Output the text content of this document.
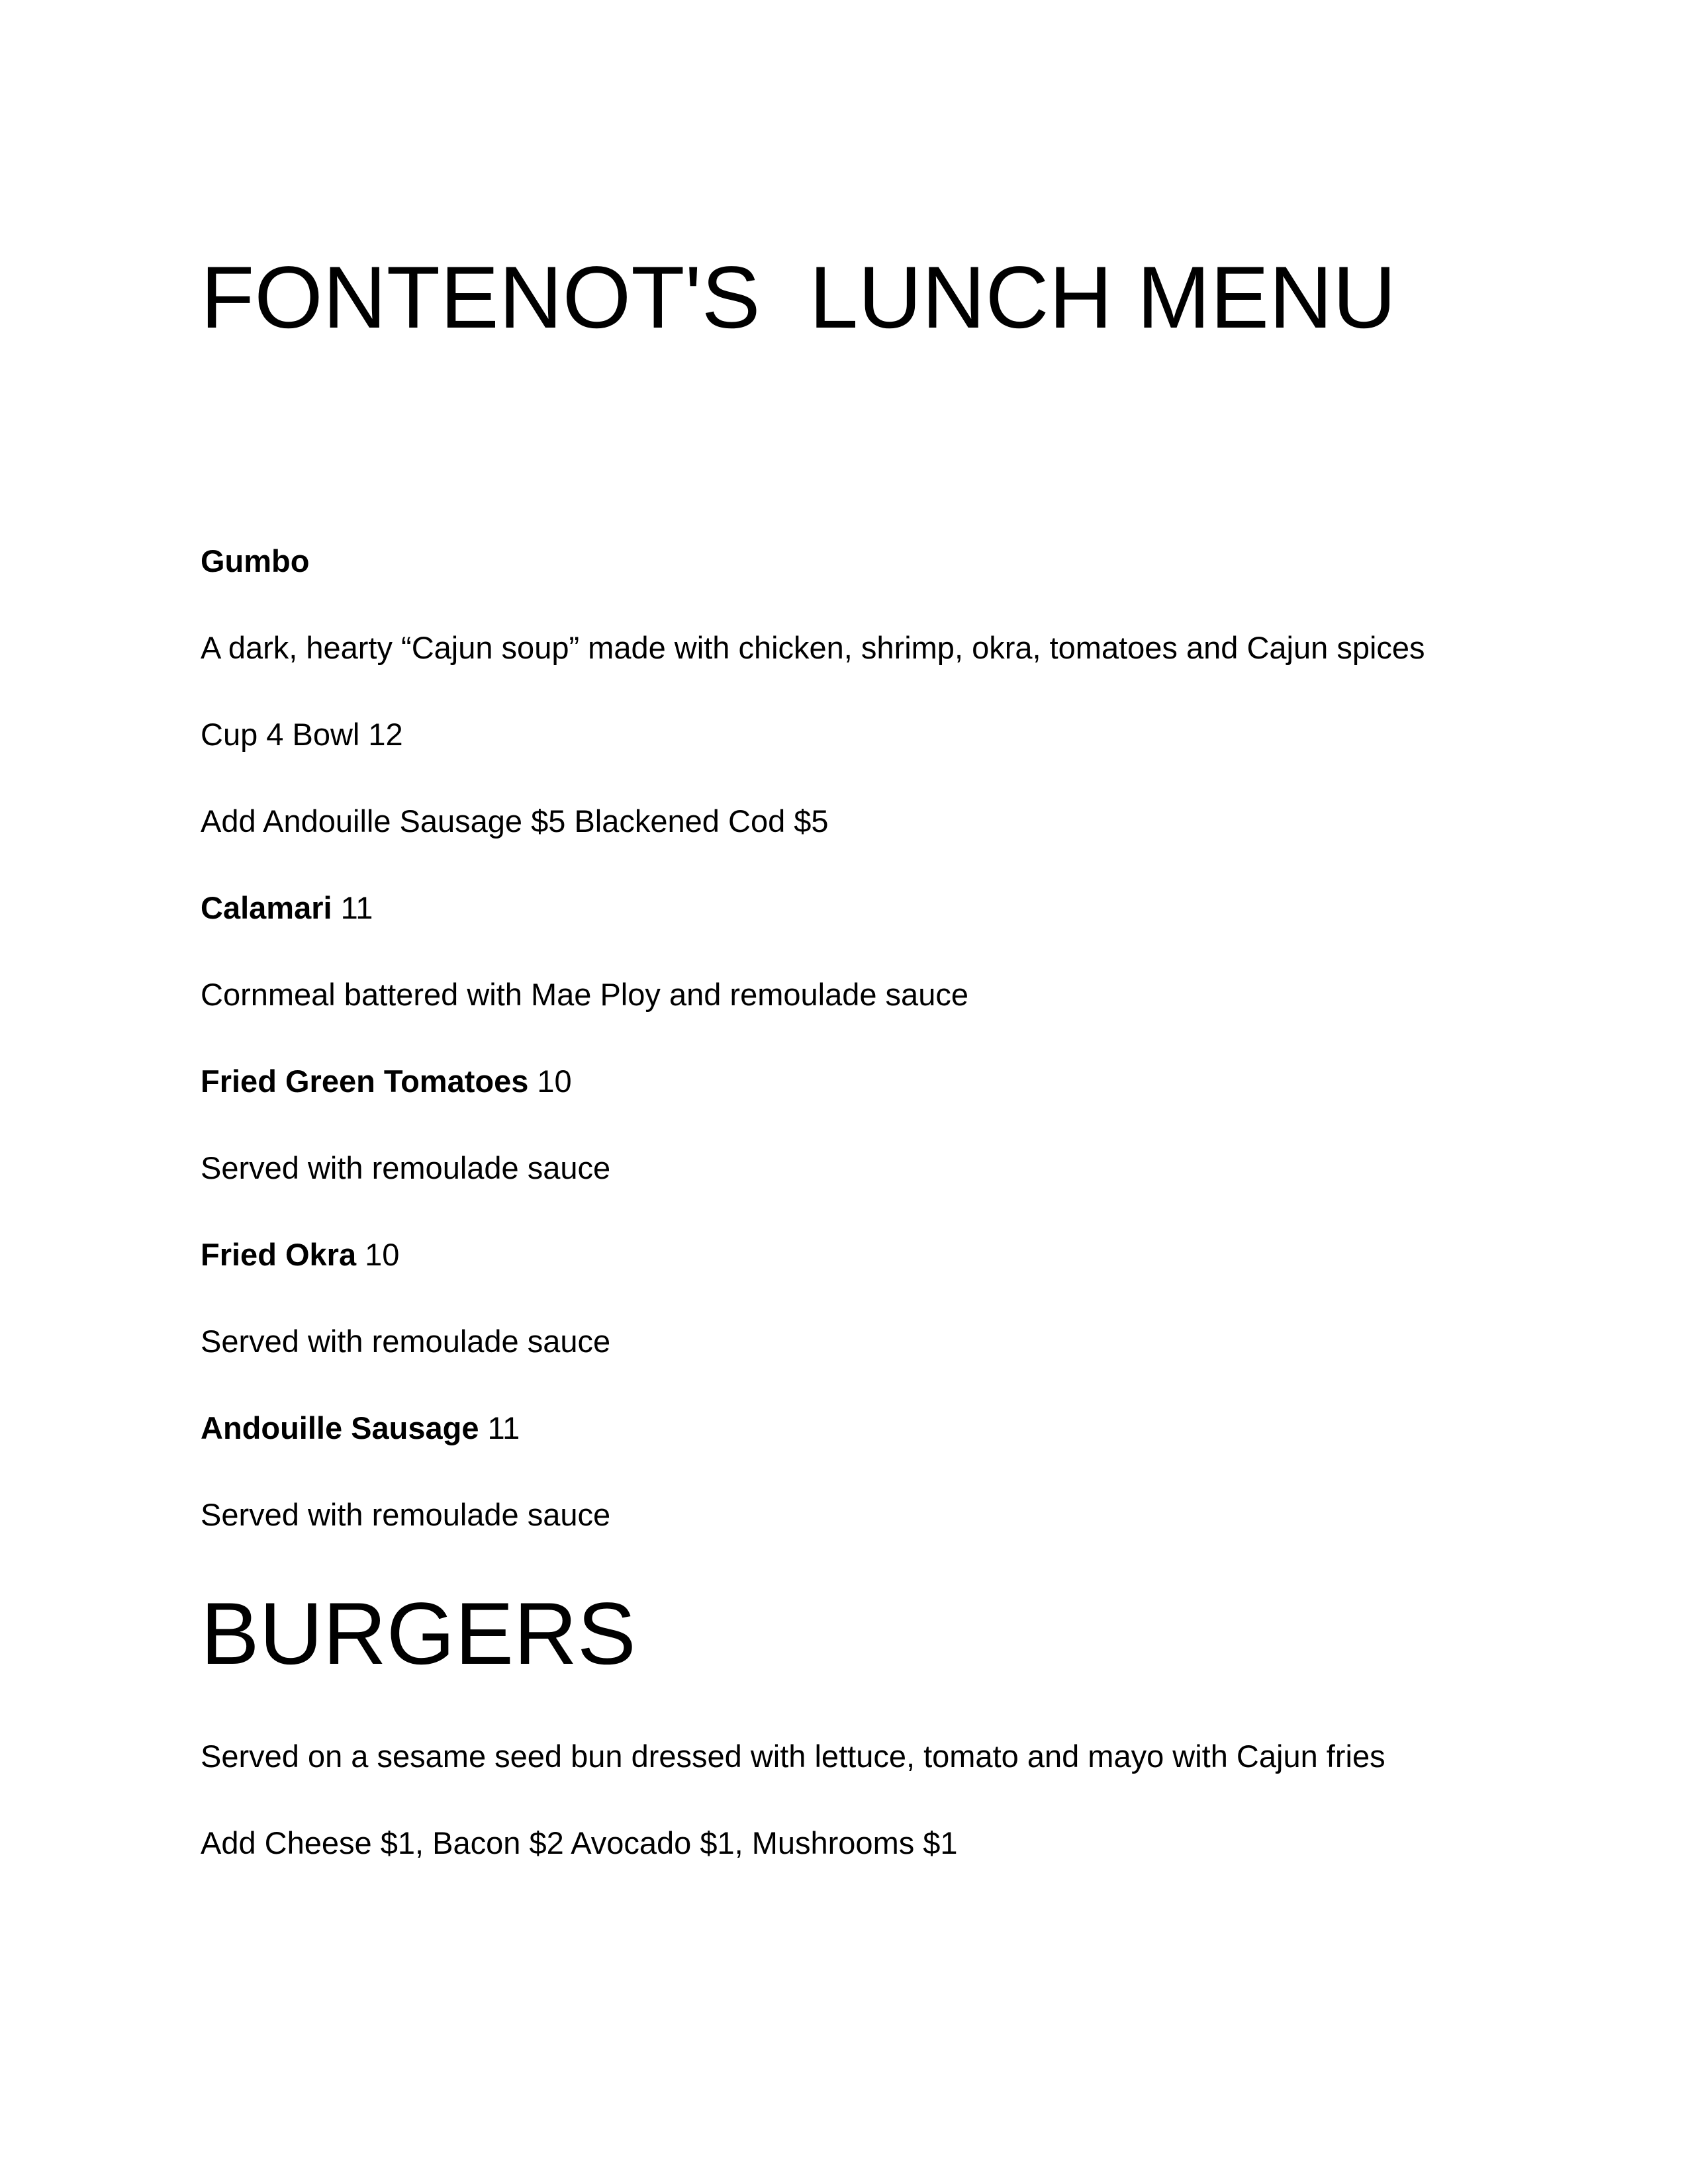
FONTENOT'S  LUNCH MENU

Gumbo

A dark, hearty “Cajun soup” made with chicken, shrimp, okra, tomatoes and Cajun spices

Cup 4 Bowl 12

Add Andouille Sausage $5 Blackened Cod $5

Calamari 11

Cornmeal battered with Mae Ploy and remoulade sauce

Fried Green Tomatoes 10

Served with remoulade sauce

Fried Okra 10

Served with remoulade sauce

Andouille Sausage 11

Served with remoulade sauce

BURGERS

Served on a sesame seed bun dressed with lettuce, tomato and mayo with Cajun fries

Add Cheese $1, Bacon $2 Avocado $1, Mushrooms $1
